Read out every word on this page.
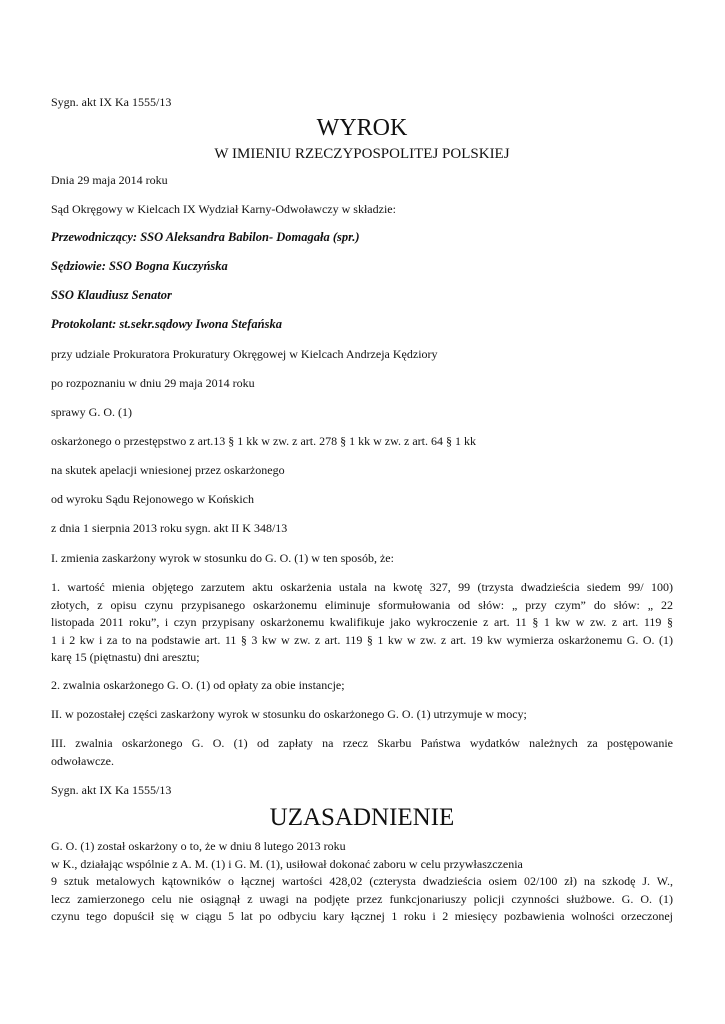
Sygn. akt IX Ka 1555/13
WYROK
W IMIENIU RZECZYPOSPOLITEJ POLSKIEJ
Dnia 29 maja 2014 roku
Sąd Okręgowy w Kielcach IX Wydział Karny-Odwoławczy w składzie:
Przewodniczący: SSO Aleksandra Babilon- Domagała (spr.)
Sędziowie: SSO Bogna Kuczyńska
SSO Klaudiusz Senator
Protokolant: st.sekr.sądowy Iwona Stefańska
przy udziale Prokuratora Prokuratury Okręgowej w Kielcach Andrzeja Kędziory
po rozpoznaniu w dniu 29 maja 2014 roku
sprawy G. O. (1)
oskarżonego o przestępstwo z art.13 § 1 kk w zw. z art. 278 § 1 kk w zw. z art. 64 § 1 kk
na skutek apelacji wniesionej przez oskarżonego
od wyroku Sądu Rejonowego w Końskich
z dnia 1 sierpnia 2013 roku sygn. akt II K 348/13
I. zmienia zaskarżony wyrok w stosunku do G. O. (1) w ten sposób, że:
1. wartość mienia objętego zarzutem aktu oskarżenia ustala na kwotę 327, 99 (trzysta dwadzieścia siedem 99/ 100)
złotych, z opisu czynu przypisanego oskarżonemu eliminuje sformułowania od słów: „ przy czym” do słów: „ 22
listopada 2011 roku”, i czyn przypisany oskarżonemu kwalifikuje jako wykroczenie z art. 11 § 1 kw w zw. z art. 119 §
1 i 2 kw i za to na podstawie art. 11 § 3 kw w zw. z art. 119 § 1 kw w zw. z art. 19 kw wymierza oskarżonemu G. O. (1)
karę 15 (piętnastu) dni aresztu;
2. zwalnia oskarżonego G. O. (1) od opłaty za obie instancje;
II. w pozostałej części zaskarżony wyrok w stosunku do oskarżonego G. O. (1) utrzymuje w mocy;
III. zwalnia oskarżonego G. O. (1) od zapłaty na rzecz Skarbu Państwa wydatków należnych za postępowanie
odwoławcze.
Sygn. akt IX Ka 1555/13
UZASADNIENIE
G. O. (1) został oskarżony o to, że w dniu 8 lutego 2013 roku
w K., działając wspólnie z A. M. (1) i G. M. (1), usiłował dokonać zaboru w celu przywłaszczenia
9 sztuk metalowych kątowników o łącznej wartości 428,02 (czterysta dwadzieścia osiem 02/100 zł) na szkodę J. W.,
lecz zamierzonego celu nie osiągnął z uwagi na podjęte przez funkcjonariuszy policji czynności służbowe. G. O. (1)
czynu tego dopuścił się w ciągu 5 lat po odbyciu kary łącznej 1 roku i 2 miesięcy pozbawienia wolności orzeczonej
